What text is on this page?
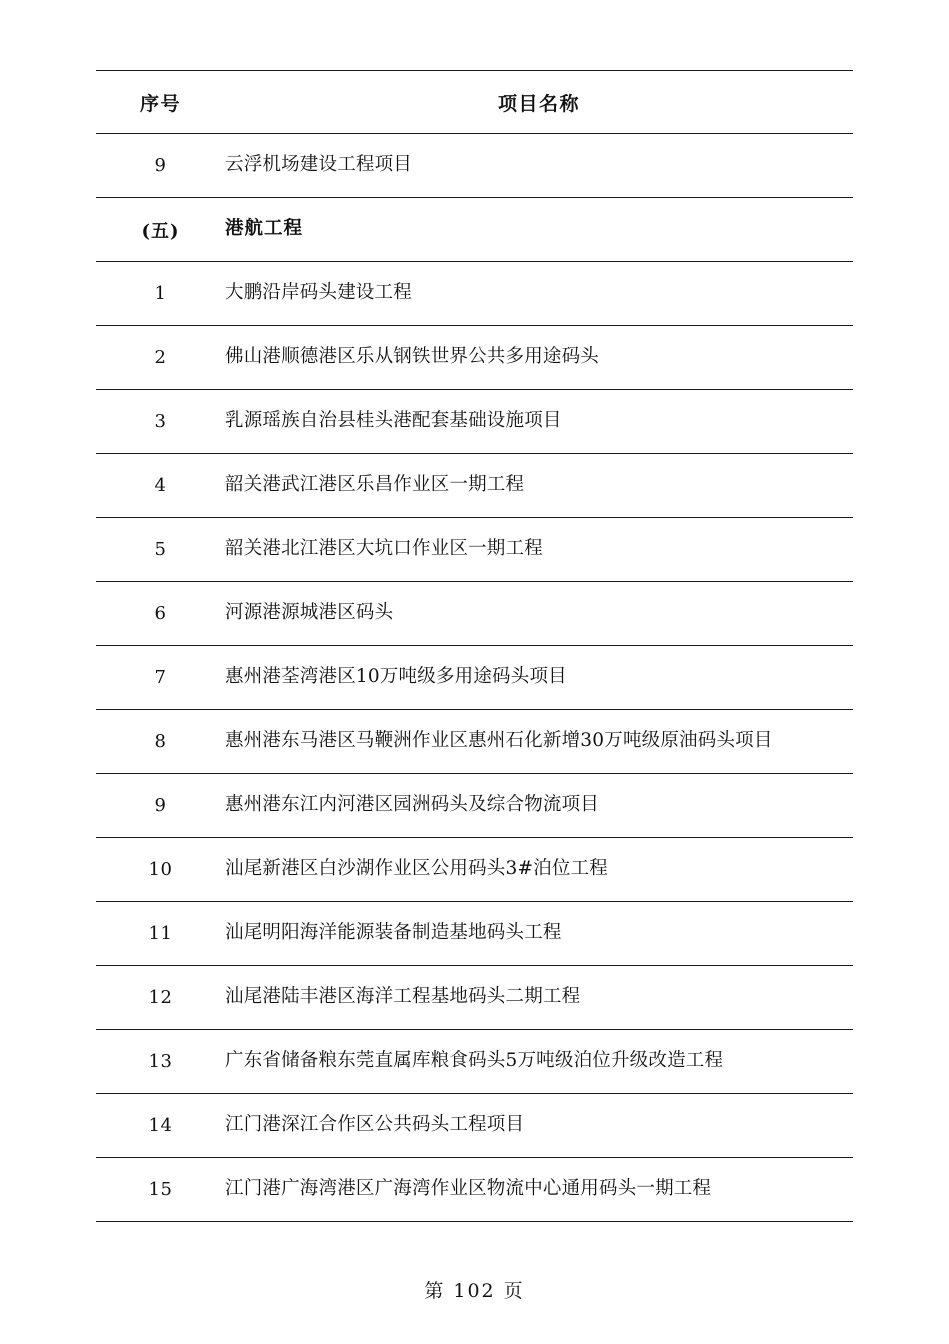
序号	项目名称
9	云浮机场建设工程项目
(五)	港航工程
1	大鹏沿岸码头建设工程
2	佛山港顺德港区乐从钢铁世界公共多用途码头
3	乳源瑶族自治县桂头港配套基础设施项目
4	韶关港武江港区乐昌作业区一期工程
5	韶关港北江港区大坑口作业区一期工程
6	河源港源城港区码头
7	惠州港荃湾港区10万吨级多用途码头项目
8	惠州港东马港区马鞭洲作业区惠州石化新增30万吨级原油码头项目
9	惠州港东江内河港区园洲码头及综合物流项目
10	汕尾新港区白沙湖作业区公用码头3#泊位工程
11	汕尾明阳海洋能源装备制造基地码头工程
12	汕尾港陆丰港区海洋工程基地码头二期工程
13	广东省储备粮东莞直属库粮食码头5万吨级泊位升级改造工程
14	江门港深江合作区公共码头工程项目
15	江门港广海湾港区广海湾作业区物流中心通用码头一期工程
第 102 页
